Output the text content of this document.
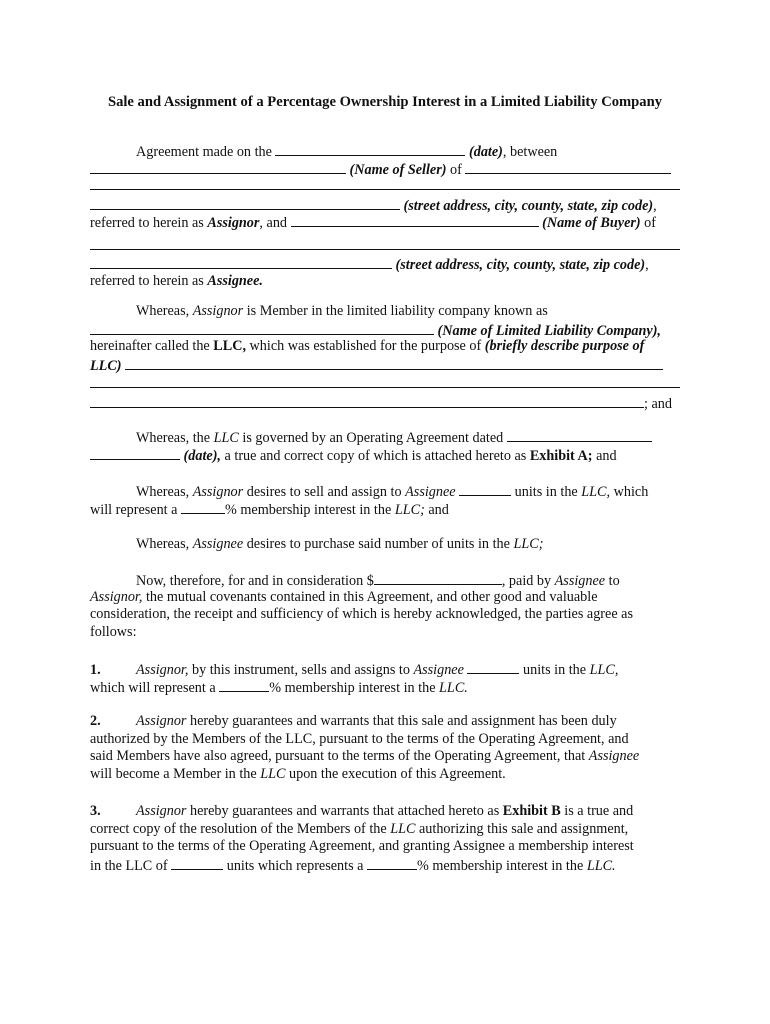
Sale and Assignment of a Percentage Ownership Interest in a Limited Liability Company
Agreement made on the	(date), between
(Name of Seller) of
(street address, city, county, state, zip code),
referred to herein as Assignor, and	(Name of Buyer) of
(street address, city, county, state, zip code),
referred to herein as Assignee.
Whereas, Assignor is Member in the limited liability company known as
(Name of Limited Liability Company),
hereinafter called the LLC, which was established for the purpose of (briefly describe purpose of
LLC)
; and
Whereas, the LLC is governed by an Operating Agreement dated
(date), a true and correct copy of which is attached hereto as Exhibit A; and
Whereas, Assignor desires to sell and assign to Assignee	units in the LLC, which
will represent a	% membership interest in the LLC; and
Whereas, Assignee desires to purchase said number of units in the LLC;
Now, therefore, for and in consideration $	, paid by Assignee to
Assignor, the mutual covenants contained in this Agreement, and other good and valuable
consideration, the receipt and sufficiency of which is hereby acknowledged, the parties agree as
follows:
1. Assignor, by this instrument, sells and assigns to Assignee	units in the LLC,
which will represent a	% membership interest in the LLC.
2. Assignor hereby guarantees and warrants that this sale and assignment has been duly
authorized by the Members of the LLC, pursuant to the terms of the Operating Agreement, and
said Members have also agreed, pursuant to the terms of the Operating Agreement, that Assignee
will become a Member in the LLC upon the execution of this Agreement.
3. Assignor hereby guarantees and warrants that attached hereto as Exhibit B is a true and
correct copy of the resolution of the Members of the LLC authorizing this sale and assignment,
pursuant to the terms of the Operating Agreement, and granting Assignee a membership interest
in the LLC of	units which represents a	% membership interest in the LLC.
